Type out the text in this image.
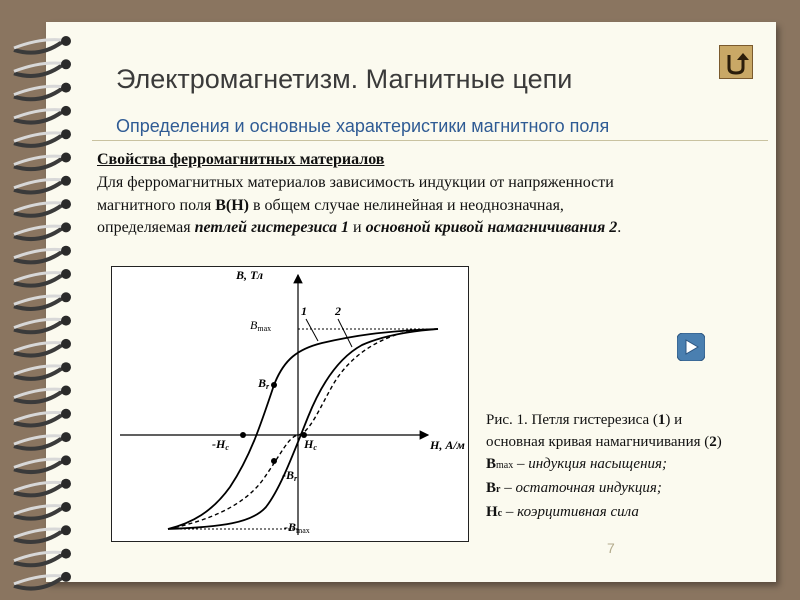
Электромагнетизм. Магнитные цепи
Определения и основные характеристики магнитного поля
Свойства ферромагнитных материалов
Для ферромагнитных материалов зависимость индукции от напряженности
магнитного поля B(H) в общем случае нелинейная и неоднозначная,
определяемая петлей гистерезиса 1 и основной кривой намагничивания 2.
B, Тл
H, А/м
Bmax
-Bmax
Br
-Br
-Hc	Hc
1 2
Рис. 1. Петля гистерезиса (1) и
основная кривая намагничивания (2)
Bmax – индукция насыщения;
Br – остаточная индукция;
Hc – коэрцитивная сила
7
